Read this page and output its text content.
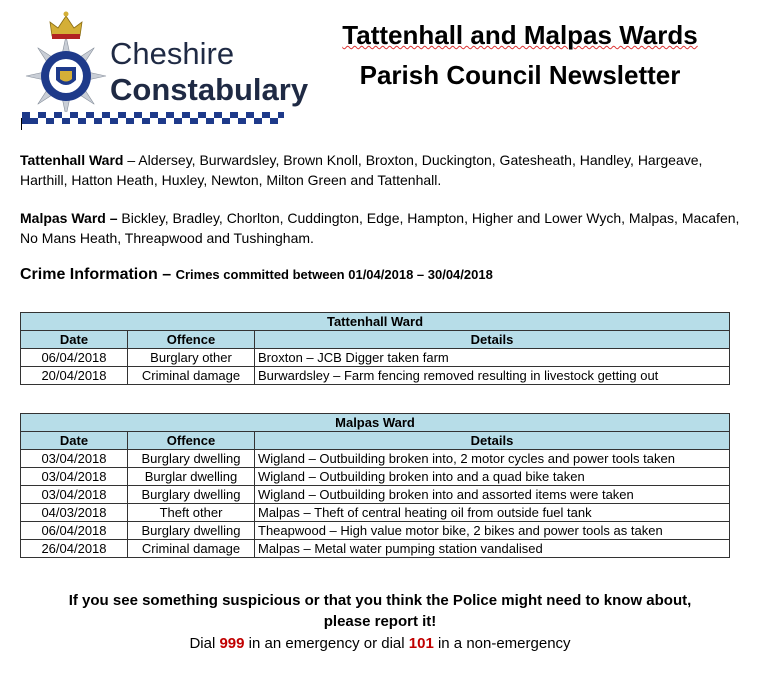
Cheshire
Constabulary
Tattenhall and Malpas Wards
Parish Council Newsletter
Tattenhall Ward – Aldersey, Burwardsley, Brown Knoll, Broxton, Duckington, Gatesheath, Handley, Hargeave, Harthill, Hatton Heath, Huxley, Newton, Milton Green and Tattenhall.
Malpas Ward – Bickley, Bradley, Chorlton, Cuddington, Edge, Hampton, Higher and Lower Wych, Malpas, Macafen, No Mans Heath, Threapwood and Tushingham.
Crime Information – Crimes committed between 01/04/2018 – 30/04/2018
Tattenhall Ward		
Date	Offence	Details
06/04/2018	Burglary other	Broxton – JCB Digger taken farm
20/04/2018	Criminal damage	Burwardsley – Farm fencing removed resulting in livestock getting out
Malpas Ward		
Date	Offence	Details
03/04/2018	Burglary dwelling	Wigland – Outbuilding broken into, 2 motor cycles and power tools taken
03/04/2018	Burglar dwelling	Wigland – Outbuilding broken into and a quad bike taken
03/04/2018	Burglary dwelling	Wigland – Outbuilding broken into and assorted items were taken
04/03/2018	Theft other	Malpas – Theft of central heating oil from outside fuel tank
06/04/2018	Burglary dwelling	Theapwood – High value motor bike, 2 bikes and power tools as taken
26/04/2018	Criminal damage	Malpas – Metal water pumping station vandalised
If you see something suspicious or that you think the Police might need to know about,
please report it!
Dial 999 in an emergency or dial 101 in a non-emergency
